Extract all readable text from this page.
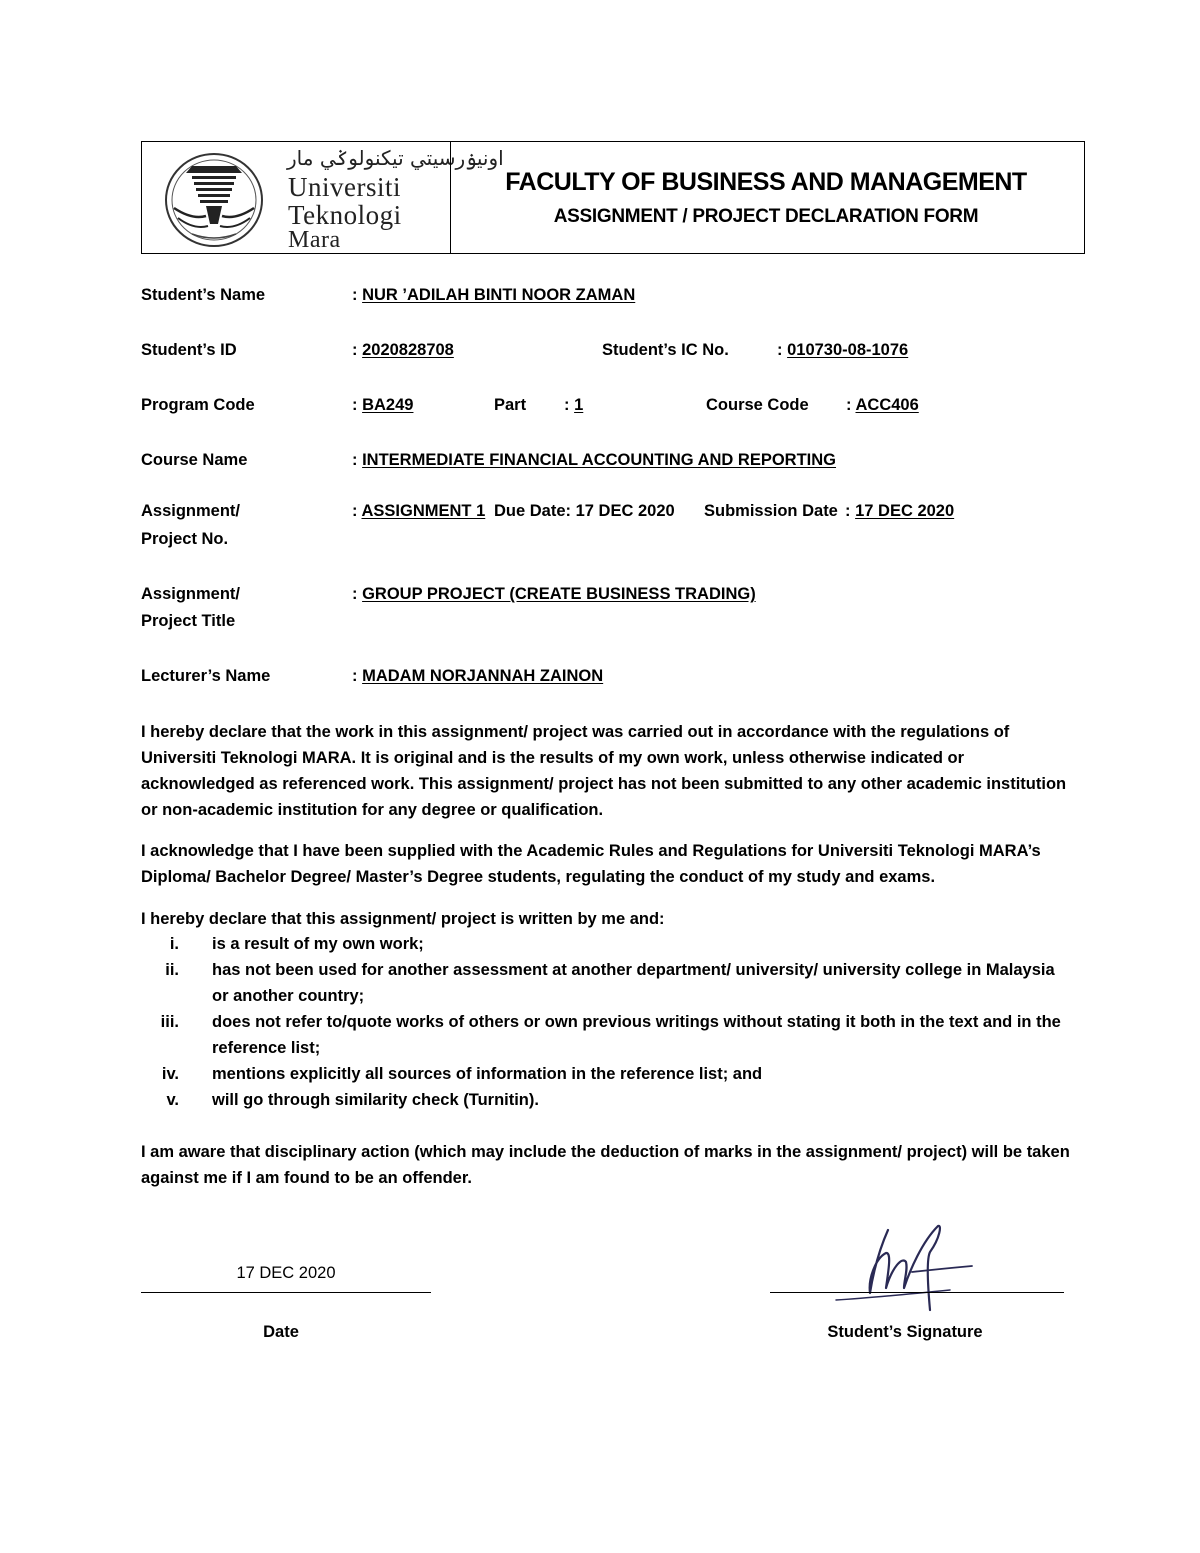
اونيۏرسيتي تيكنولوݢي مار
Universiti
Teknologi
Mara
FACULTY OF BUSINESS AND MANAGEMENT
ASSIGNMENT / PROJECT DECLARATION FORM
Student’s Name	: NUR ’ADILAH BINTI NOOR ZAMAN
Student’s ID	: 2020828708	Student’s IC No.	: 010730-08-1076
Program Code	: BA249	Part : 1	Course Code : ACC406
Course Name	: INTERMEDIATE FINANCIAL ACCOUNTING AND REPORTING
Assignment/
Project No.
: ASSIGNMENT 1 Due Date: 17 DEC 2020 Submission Date : 17 DEC 2020
Assignment/
Project Title
: GROUP PROJECT (CREATE BUSINESS TRADING)
Lecturer’s Name	: MADAM NORJANNAH ZAINON

I hereby declare that the work in this assignment/ project was carried out in accordance with the regulations of Universiti Teknologi MARA. It is original and is the results of my own work, unless otherwise indicated or acknowledged as referenced work. This assignment/ project has not been submitted to any other academic institution or non-academic institution for any degree or qualification.

I acknowledge that I have been supplied with the Academic Rules and Regulations for Universiti Teknologi MARA’s Diploma/ Bachelor Degree/ Master’s Degree students, regulating the conduct of my study and exams.

I hereby declare that this assignment/ project is written by me and:

i. is a result of my own work;
ii. has not been used for another assessment at another department/ university/ university college in Malaysia or another country;
iii. does not refer to/quote works of others or own previous writings without stating it both in the text and in the reference list;
iv. mentions explicitly all sources of information in the reference list; and
v. will go through similarity check (Turnitin).

I am aware that disciplinary action (which may include the deduction of marks in the assignment/ project) will be taken against me if I am found to be an offender.

17 DEC 2020
Date	Student’s Signature
